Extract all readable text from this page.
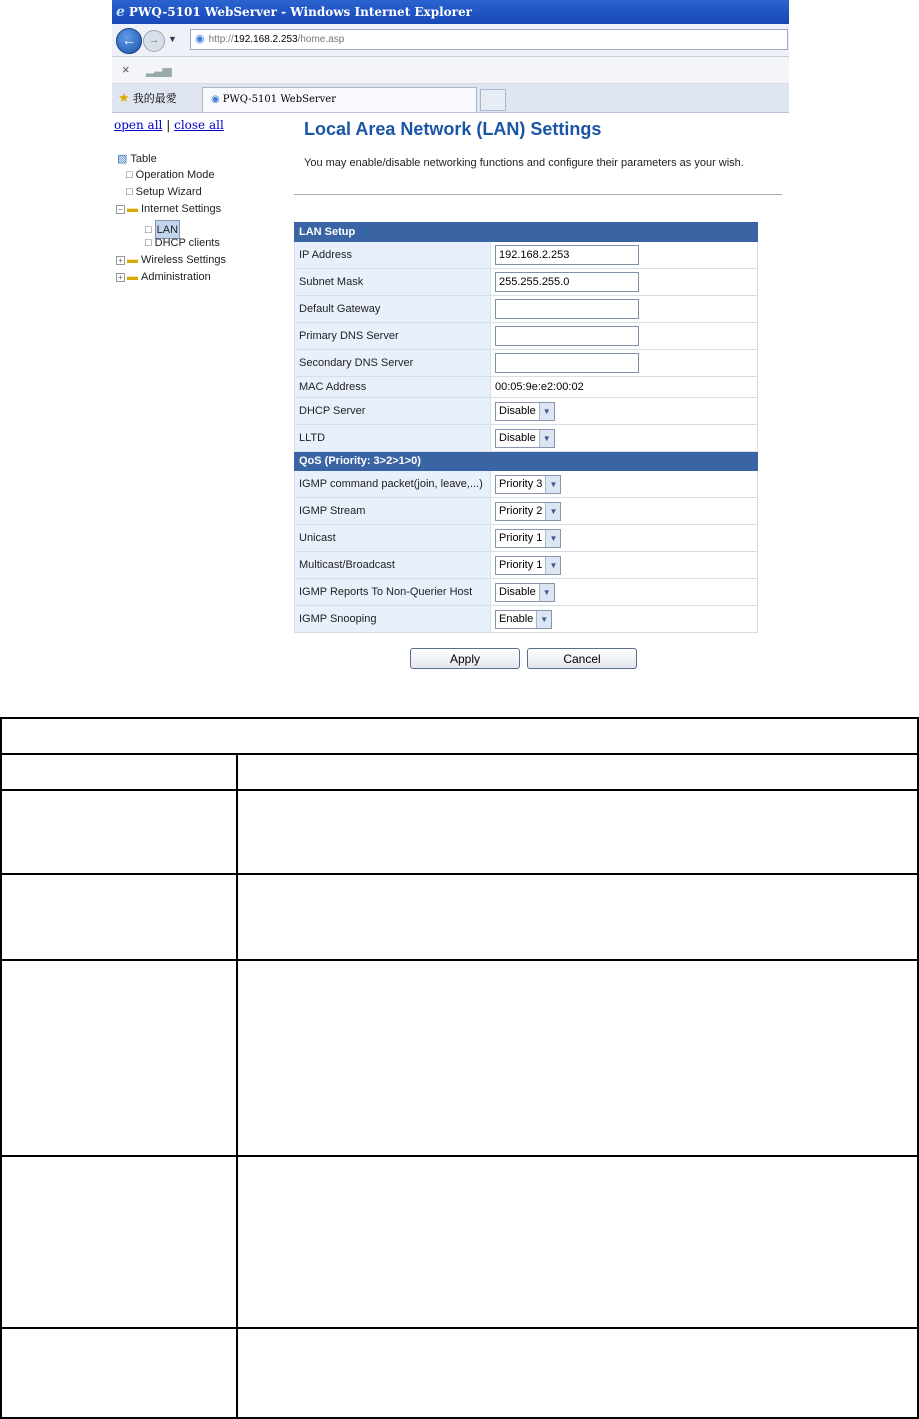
e PWQ-5101 WebServer - Windows Internet Explorer
←	→ ▼	◉ http://192.168.2.253/home.asp
× ▂▃▅
★ 我的最愛	◉ PWQ-5101 WebServer
open all | close all
▧ Table
□ Operation Mode
□ Setup Wizard
− ▬ Internet Settings
□ LAN
□ DHCP clients
+ ▬ Wireless Settings
+ ▬ Administration
Local Area Network (LAN) Settings
You may enable/disable networking functions and configure their parameters as your wish.
LAN Setup	
IP Address	192.168.2.253
Subnet Mask	255.255.255.0
Default Gateway	
Primary DNS Server	
Secondary DNS Server	
MAC Address	00:05:9e:e2:00:02
DHCP Server	Disable ▼

LLTD	Disable ▼

QoS (Priority: 3>2>1>0)	
IGMP command packet(join, leave,...)	Priority 3 ▼

IGMP Stream	Priority 2 ▼

Unicast	Priority 1 ▼

Multicast/Broadcast	Priority 1 ▼

IGMP Reports To Non-Querier Host	Disable ▼

IGMP Snooping	Enable ▼
Apply	Cancel
